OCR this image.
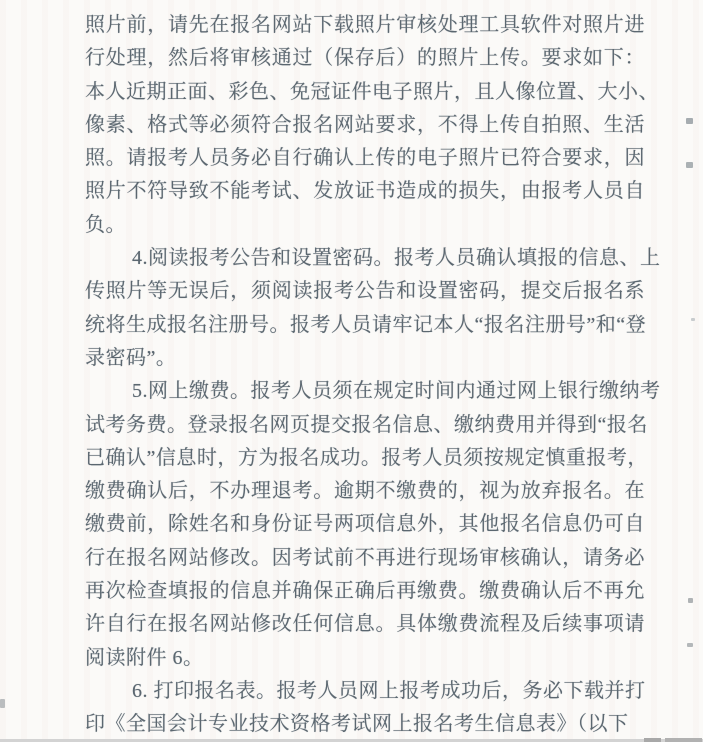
照片前，请先在报名网站下载照片审核处理工具软件对照片进
行处理，然后将审核通过（保存后）的照片上传。要求如下：
本人近期正面、彩色、免冠证件电子照片，且人像位置、大小、
像素、格式等必须符合报名网站要求，不得上传自拍照、生活
照。请报考人员务必自行确认上传的电子照片已符合要求，因
照片不符导致不能考试、发放证书造成的损失，由报考人员自
负。
4.阅读报考公告和设置密码。报考人员确认填报的信息、上
传照片等无误后，须阅读报考公告和设置密码，提交后报名系
统将生成报名注册号。报考人员请牢记本人“报名注册号”和“登
录密码”。
5.网上缴费。报考人员须在规定时间内通过网上银行缴纳考
试考务费。登录报名网页提交报名信息、缴纳费用并得到“报名
已确认”信息时，方为报名成功。报考人员须按规定慎重报考，
缴费确认后，不办理退考。逾期不缴费的，视为放弃报名。在
缴费前，除姓名和身份证号两项信息外，其他报名信息仍可自
行在报名网站修改。因考试前不再进行现场审核确认，请务必
再次检查填报的信息并确保正确后再缴费。缴费确认后不再允
许自行在报名网站修改任何信息。具体缴费流程及后续事项请
阅读附件 6。
6. 打印报名表。报考人员网上报考成功后，务必下载并打
印《全国会计专业技术资格考试网上报名考生信息表》（以下
